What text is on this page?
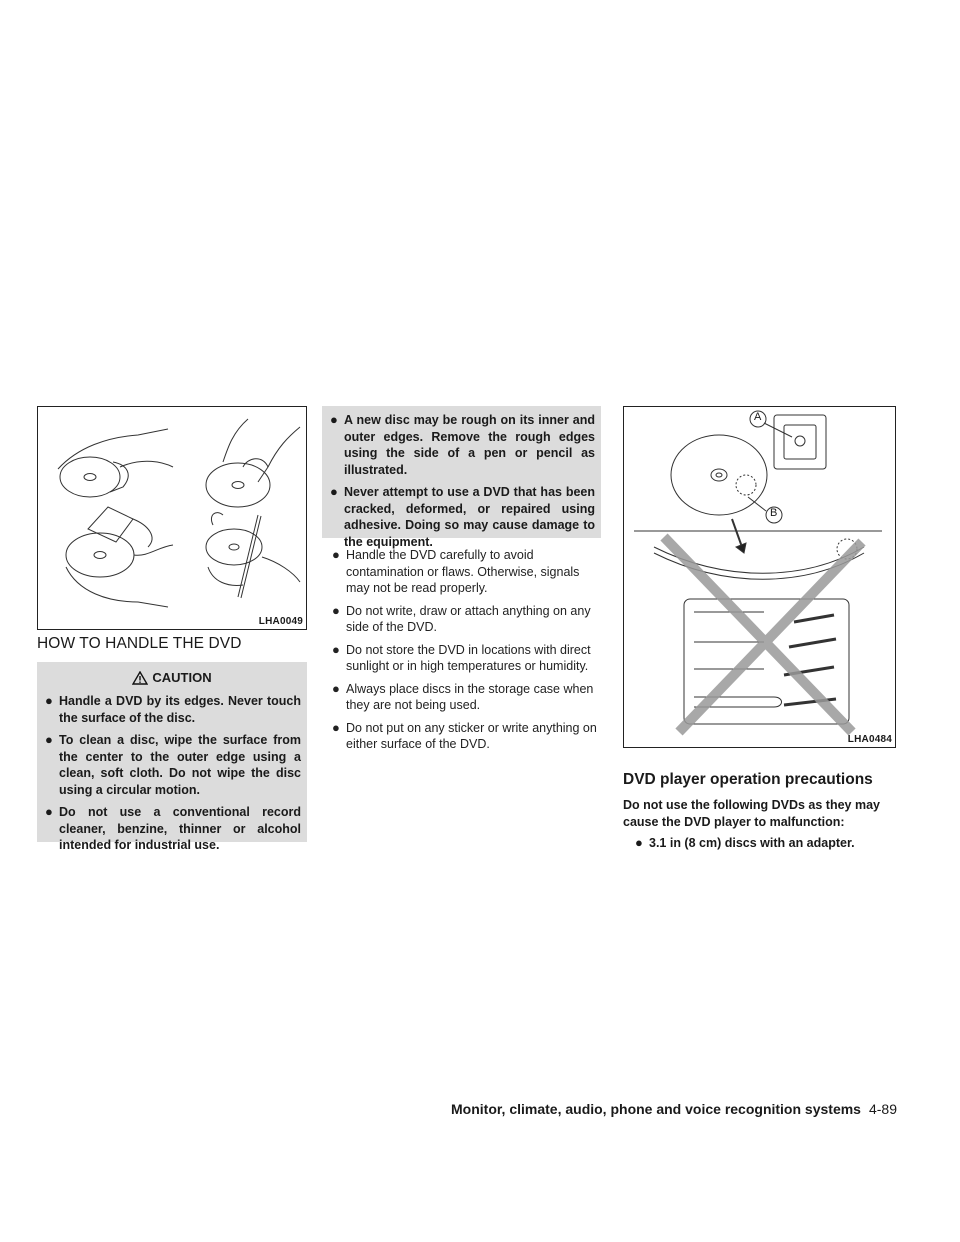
LHA0049
HOW TO HANDLE THE DVD
CAUTION
● Handle a DVD by its edges. Never touch the surface of the disc.
● To clean a disc, wipe the surface from the center to the outer edge using a clean, soft cloth. Do not wipe the disc using a circular motion.
● Do not use a conventional record cleaner, benzine, thinner or alcohol intended for industrial use.
● A new disc may be rough on its inner and outer edges. Remove the rough edges using the side of a pen or pencil as illustrated.
● Never attempt to use a DVD that has been cracked, deformed, or repaired using adhesive. Doing so may cause damage to the equipment.
● Handle the DVD carefully to avoid contamination or flaws. Otherwise, signals may not be read properly.
● Do not write, draw or attach anything on any side of the DVD.
● Do not store the DVD in locations with direct sunlight or in high temperatures or humidity.
● Always place discs in the storage case when they are not being used.
● Do not put on any sticker or write anything on either surface of the DVD.
A
B
LHA0484
DVD player operation precautions

Do not use the following DVDs as they may cause the DVD player to malfunction:

● 3.1 in (8 cm) discs with an adapter.
Monitor, climate, audio, phone and voice recognition systems 4-89
